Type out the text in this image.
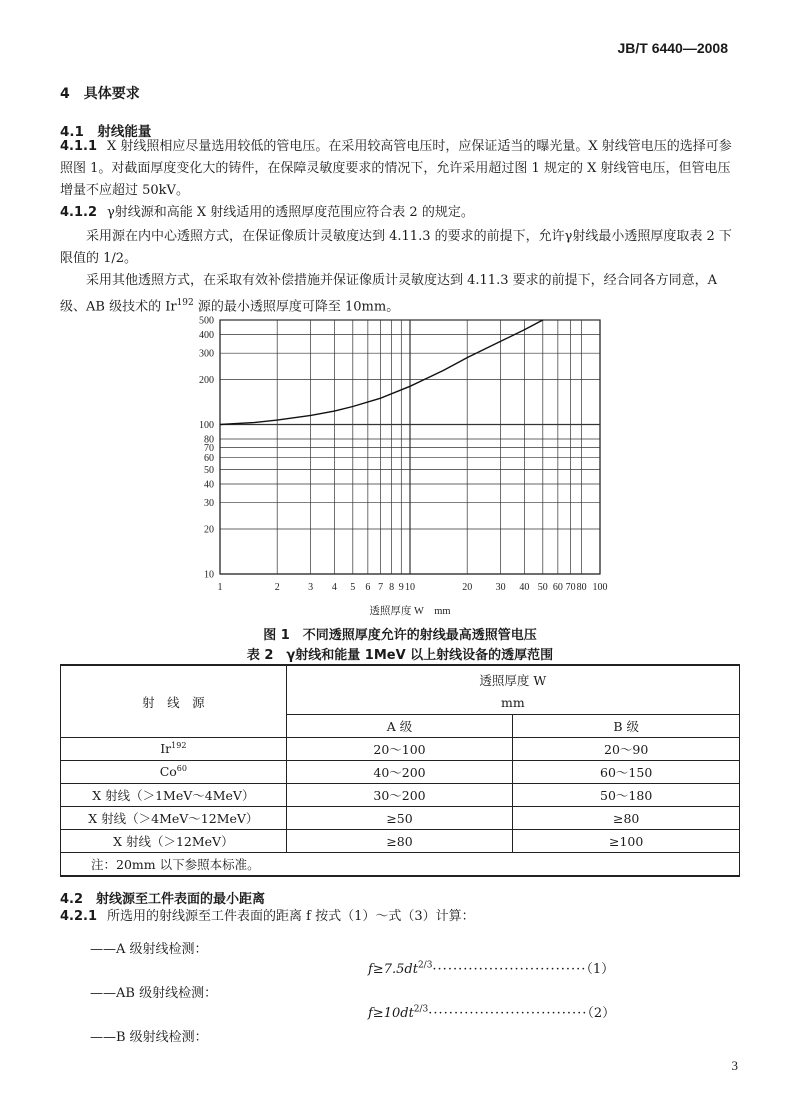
JB/T 6440—2008
4　具体要求
4.1　射线能量
4.1.1 X 射线照相应尽量选用较低的管电压。在采用较高管电压时，应保证适当的曝光量。X 射线管电压的选择可参照图 1。对截面厚度变化大的铸件，在保障灵敏度要求的情况下，允许采用超过图 1 规定的 X 射线管电压，但管电压增量不应超过 50kV。
4.1.2 γ射线源和高能 X 射线适用的透照厚度范围应符合表 2 的规定。
采用源在内中心透照方式，在保证像质计灵敏度达到 4.11.3 的要求的前提下，允许γ射线最小透照厚度取表 2 下限值的 1/2。
采用其他透照方式，在采取有效补偿措施并保证像质计灵敏度达到 4.11.3 要求的前提下，经合同各方同意，A 级、AB 级技术的 Ir$^{192}$ 源的最小透照厚度可降至 10mm。
10
20
30
40
50
60
70
80
100
200
300
400
500
1	2	3 4 5 6 7 8 9 10	20 30 40 50 60 70 80 100
透照厚度 W　mm
图 1　不同透照厚度允许的射线最高透照管电压
表 2　γ射线和能量 1MeV 以上射线设备的透厚范围
射　线　源	透照厚度 W
mm	

	A 级	B 级
Ir$^{192}$	20～100	20～90
Co$^{60}$	40～200	60～150
X 射线（＞1MeV～4MeV）	30～200	50～180
X 射线（＞4MeV～12MeV）	≥50	≥80
X 射线（＞12MeV）	≥80	≥100
注：20mm 以下参照本标准。		
4.2　射线源至工件表面的最小距离
4.2.1 所选用的射线源至工件表面的距离 f 按式（1）～式（3）计算：
——A 级射线检测：
$f\ge 7.5dt^{2/3}\cdot\cdot\cdot\cdot\cdot\cdot\cdot\cdot\cdot\cdot\cdot\cdot\cdot\cdot\cdot\cdot\cdot\cdot\cdot\cdot\cdot\cdot\cdot\cdot\cdot\cdot\cdot\cdot\cdot\cdot(1)$
——AB 级射线检测：
$f\ge 10dt^{2/3}\cdot\cdot\cdot\cdot\cdot\cdot\cdot\cdot\cdot\cdot\cdot\cdot\cdot\cdot\cdot\cdot\cdot\cdot\cdot\cdot\cdot\cdot\cdot\cdot\cdot\cdot\cdot\cdot\cdot\cdot\cdot(2)$
——B 级射线检测：
3
